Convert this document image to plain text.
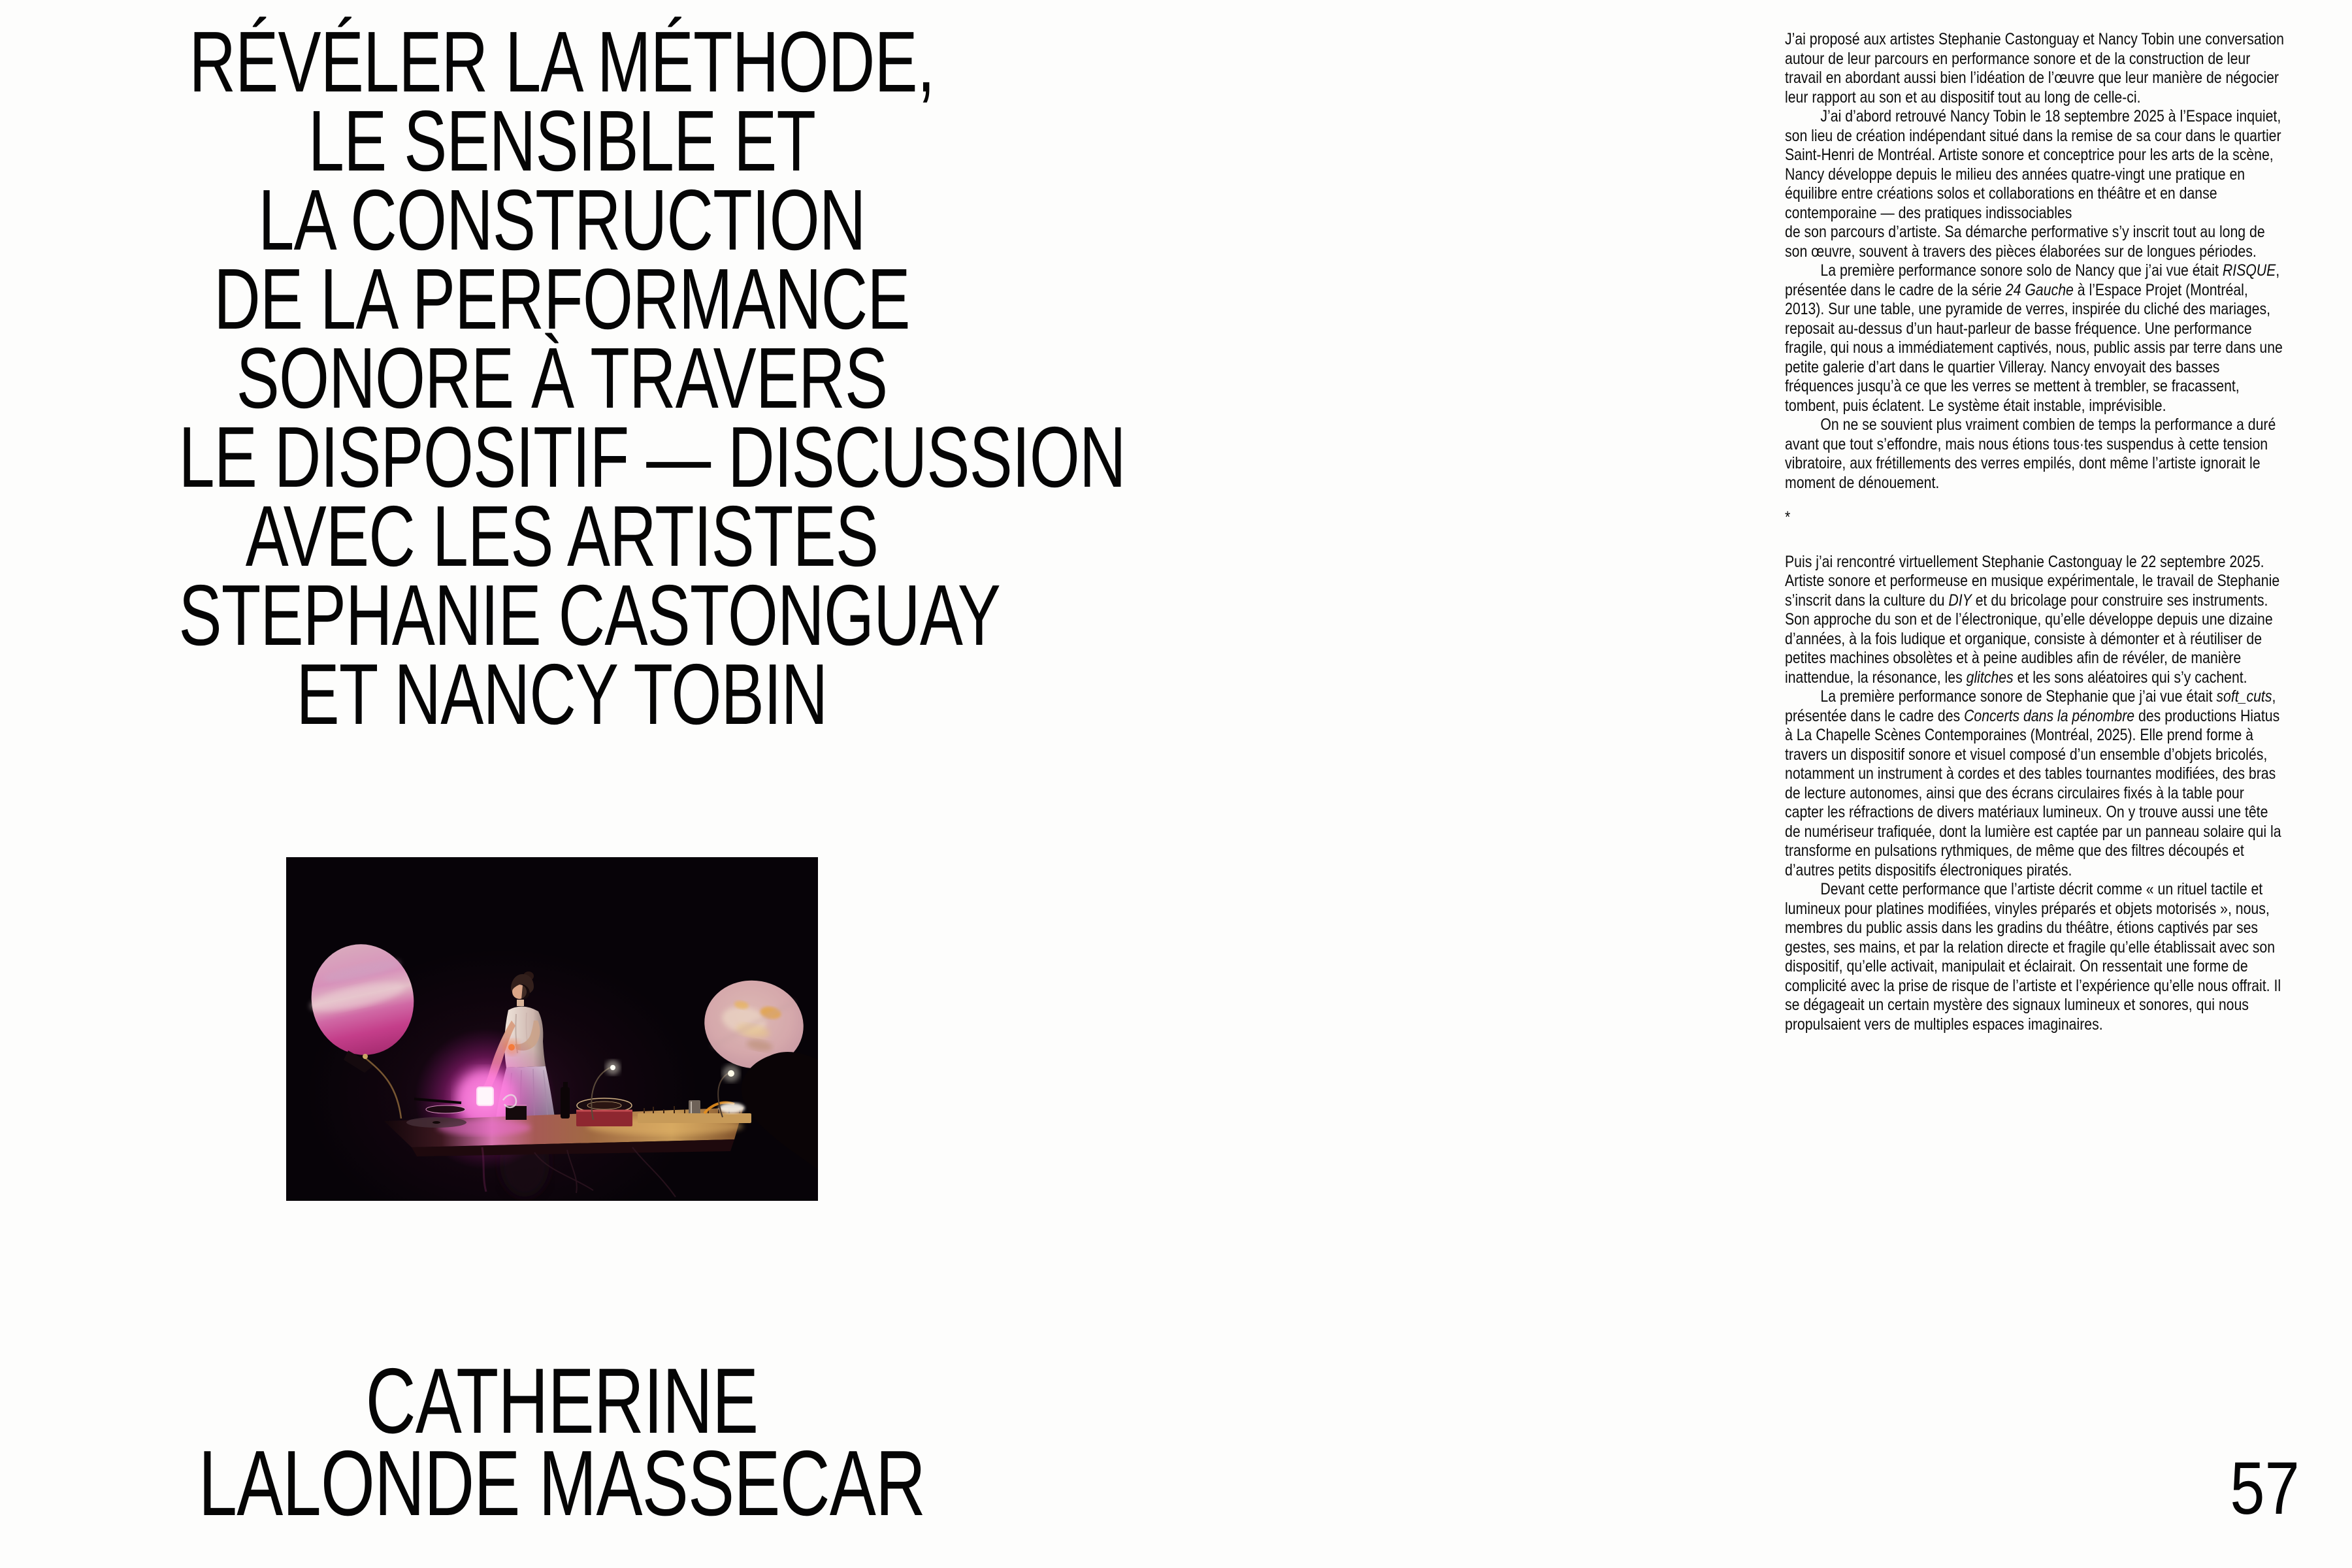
RÉVÉLER LA MÉTHODE,
LE SENSIBLE ET
LA CONSTRUCTION
DE LA PERFORMANCE
SONORE À TRAVERS
LE DISPOSITIF — DISCUSSION
AVEC LES ARTISTES
STEPHANIE CASTONGUAY
ET NANCY TOBIN
CATHERINE
LALONDE MASSECAR

J’ai proposé aux artistes Stephanie Castonguay et Nancy Tobin une conversation autour de leur parcours en performance sonore et de la construction de leur travail en abordant aussi bien l’idéation de l’œuvre que leur manière de négocier leur rapport au son et au dispositif tout au long de celle-ci.

J’ai d’abord retrouvé Nancy Tobin le 18 septembre 2025 à l’Espace inquiet, son lieu de création indépendant situé dans la remise de sa cour dans le quartier Saint-Henri de Montréal. Artiste sonore et conceptrice pour les arts de la scène, Nancy développe depuis le milieu des années quatre-vingt une pratique en équilibre entre créations solos et collaborations en théâtre et en danse contemporaine — des pratiques indissociables

de son parcours d’artiste. Sa démarche performative s’y inscrit tout au long de son œuvre, souvent à travers des pièces élaborées sur de longues périodes.

La première performance sonore solo de Nancy que j’ai vue était RISQUE, présentée dans le cadre de la série 24 Gauche à l’Espace Projet (Montréal, 2013). Sur une table, une pyramide de verres, inspirée du cliché des mariages, reposait au-dessus d’un haut-parleur de basse fréquence. Une performance fragile, qui nous a immédiatement captivés, nous, public assis par terre dans une petite galerie d’art dans le quartier Villeray. Nancy envoyait des basses fréquences jusqu’à ce que les verres se mettent à trembler, se fracassent, tombent, puis éclatent. Le système était instable, imprévisible.

On ne se souvient plus vraiment combien de temps la performance a duré avant que tout s’effondre, mais nous étions tous·tes suspendus à cette tension vibratoire, aux frétillements des verres empilés, dont même l’artiste ignorait le moment de dénouement.

*

Puis j’ai rencontré virtuellement Stephanie Castonguay le 22 septembre 2025. Artiste sonore et performeuse en musique expérimentale, le travail de Stephanie s’inscrit dans la culture du DIY et du bricolage pour construire ses instruments. Son approche du son et de l’électronique, qu’elle développe depuis une dizaine d’années, à la fois ludique et organique, consiste à démonter et à réutiliser de petites machines obsolètes et à peine audibles afin de révéler, de manière inattendue, la résonance, les glitches et les sons aléatoires qui s’y cachent.

La première performance sonore de Stephanie que j’ai vue était soft_cuts, présentée dans le cadre des Concerts dans la pénombre des productions Hiatus à La Chapelle Scènes Contemporaines (Montréal, 2025). Elle prend forme à travers un dispositif sonore et visuel composé d’un ensemble d’objets bricolés, notamment un instrument à cordes et des tables tournantes modifiées, des bras de lecture autonomes, ainsi que des écrans circulaires fixés à la table pour capter les réfractions de divers matériaux lumineux. On y trouve aussi une tête de numériseur trafiquée, dont la lumière est captée par un panneau solaire qui la transforme en pulsations rythmiques, de même que des filtres découpés et d’autres petits dispositifs électroniques piratés.

Devant cette performance que l’artiste décrit comme « un rituel tactile et lumineux pour platines modifiées, vinyles préparés et objets motorisés », nous, membres du public assis dans les gradins du théâtre, étions captivés par ses gestes, ses mains, et par la relation directe et fragile qu’elle établissait avec son dispositif, qu’elle activait, manipulait et éclairait. On ressentait une forme de complicité avec la prise de risque de l’artiste et l’expérience qu’elle nous offrait. Il se dégageait un certain mystère des signaux lumineux et sonores, qui nous propulsaient vers de multiples espaces imaginaires.

57
